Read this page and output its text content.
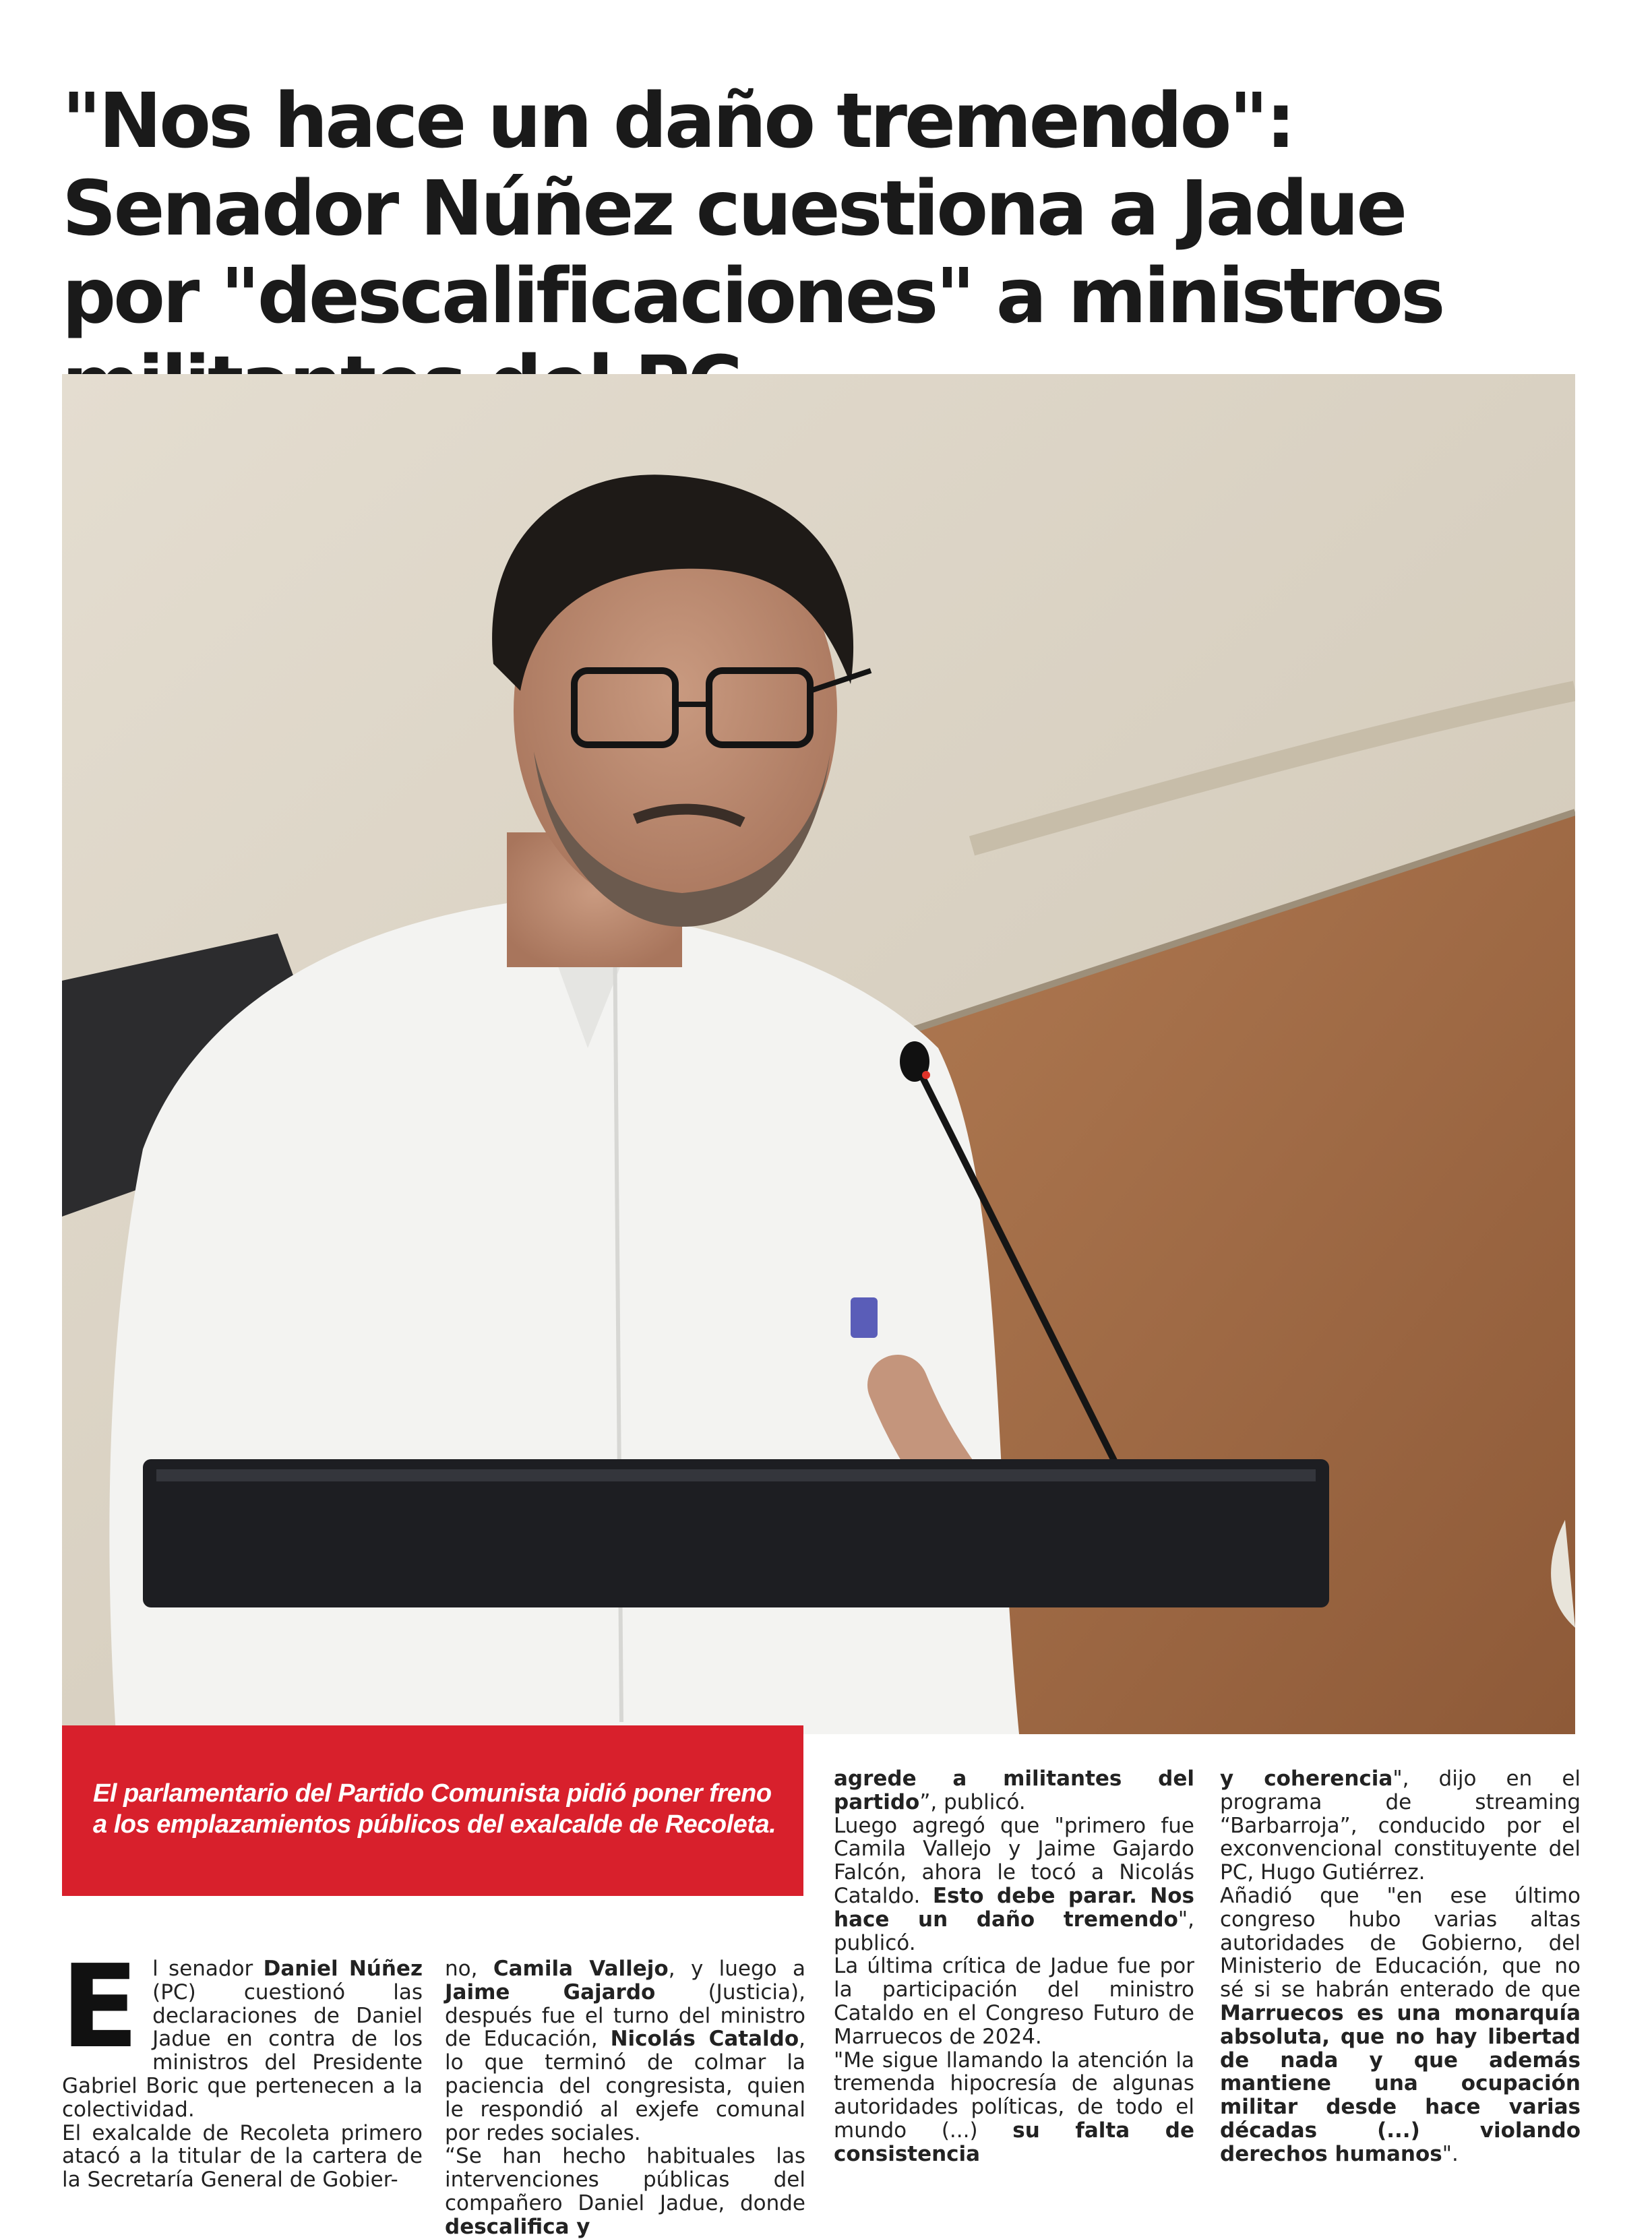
"Nos hace un daño tremendo":
Senador Núñez cuestiona a Jadue
por "descalificaciones" a ministros

El parlamentario del Partido Comunista pidió poner freno a los emplazamientos públicos del exalcalde de Recoleta.

El senador Daniel Núñez (PC) cuestionó las declaraciones de Daniel Jadue en contra de los ministros del Presidente Gabriel Boric que pertenecen a la colectividad.

El exalcalde de Recoleta primero atacó a la titular de la cartera de la Secretaría General de Gobier-

no, Camila Vallejo, y luego a Jaime Gajardo (Justicia), después fue el turno del ministro de Educación, Nicolás Cataldo, lo que terminó de colmar la paciencia del congresista, quien le respondió al exjefe comunal por redes sociales.

“Se han hecho habituales las intervenciones públicas del compañero Daniel Jadue, donde descalifica y

agrede a militantes del partido”, publicó.

Luego agregó que "primero fue Camila Vallejo y Jaime Gajardo Falcón, ahora le tocó a Nicolás Cataldo. Esto debe parar. Nos hace un daño tremendo", publicó.

La última crítica de Jadue fue por la participación del ministro Cataldo en el Congreso Futuro de Marruecos de 2024.

"Me sigue llamando la atención la tremenda hipocresía de algunas autoridades políticas, de todo el mundo (...) su falta de consistencia

y coherencia", dijo en el programa de streaming “Barbarroja”, conducido por el exconvencional constituyente del PC, Hugo Gutiérrez.

Añadió que "en ese último congreso hubo varias altas autoridades de Gobierno, del Ministerio de Educación, que no sé si se habrán enterado de que Marruecos es una monarquía absoluta, que no hay libertad de nada y que además mantiene una ocupación militar desde hace varias décadas (...) violando derechos humanos".
